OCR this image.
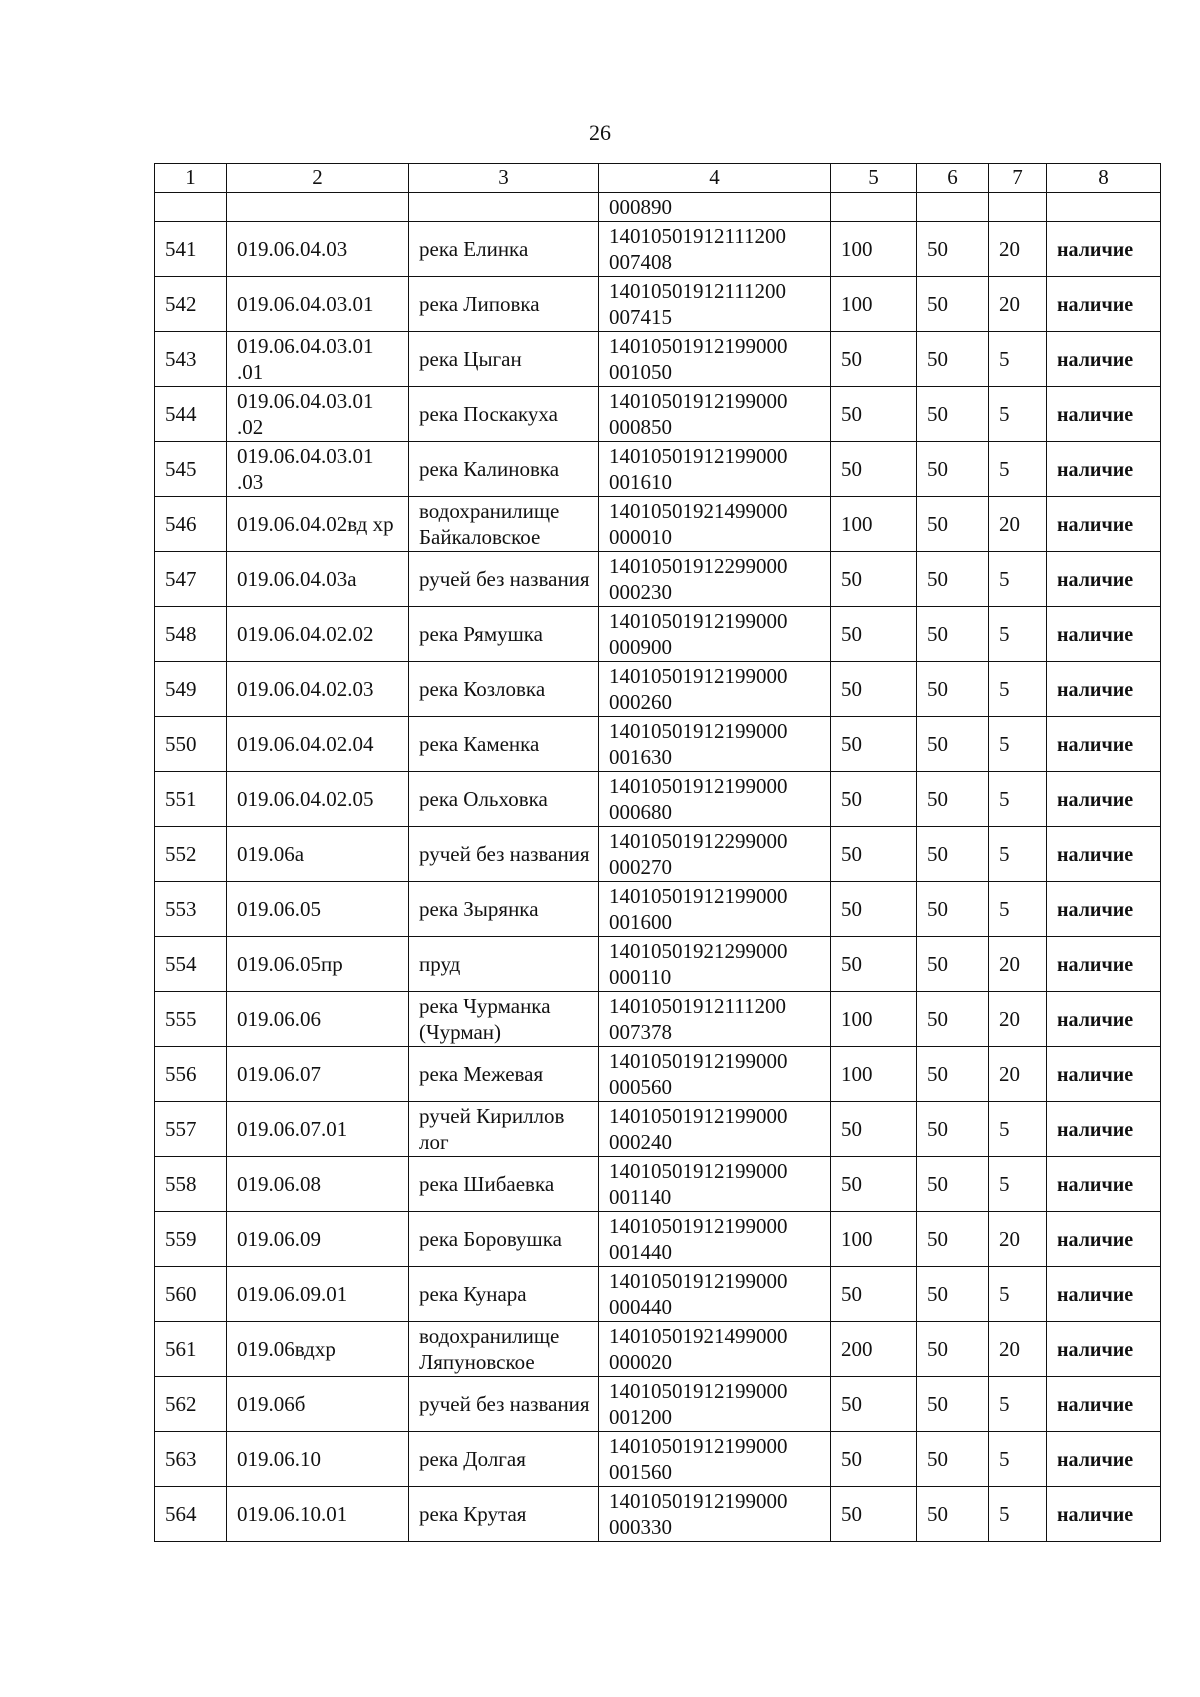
26
1	2	3	4	5	6	7	8
			000890				
541	019.06.04.03	река Елинка	14010501912111200 007408	100	50	20	наличие
542	019.06.04.03.01	река Липовка	14010501912111200 007415	100	50	20	наличие
543	019.06.04.03.01 .01	река Цыган	14010501912199000 001050	50	50	5	наличие
544	019.06.04.03.01 .02	река Поскакуха	14010501912199000 000850	50	50	5	наличие
545	019.06.04.03.01 .03	река Калиновка	14010501912199000 001610	50	50	5	наличие
546	019.06.04.02вд хр	водохранилище Байкаловское	14010501921499000 000010	100	50	20	наличие
547	019.06.04.03а	ручей без названия	14010501912299000 000230	50	50	5	наличие
548	019.06.04.02.02	река Рямушка	14010501912199000 000900	50	50	5	наличие
549	019.06.04.02.03	река Козловка	14010501912199000 000260	50	50	5	наличие
550	019.06.04.02.04	река Каменка	14010501912199000 001630	50	50	5	наличие
551	019.06.04.02.05	река Ольховка	14010501912199000 000680	50	50	5	наличие
552	019.06а	ручей без названия	14010501912299000 000270	50	50	5	наличие
553	019.06.05	река Зырянка	14010501912199000 001600	50	50	5	наличие
554	019.06.05пр	пруд	14010501921299000 000110	50	50	20	наличие
555	019.06.06	река Чурманка (Чурман)	14010501912111200 007378	100	50	20	наличие
556	019.06.07	река Межевая	14010501912199000 000560	100	50	20	наличие
557	019.06.07.01	ручей Кириллов лог	14010501912199000 000240	50	50	5	наличие
558	019.06.08	река Шибаевка	14010501912199000 001140	50	50	5	наличие
559	019.06.09	река Боровушка	14010501912199000 001440	100	50	20	наличие
560	019.06.09.01	река Кунара	14010501912199000 000440	50	50	5	наличие
561	019.06вдхр	водохранилище Ляпуновское	14010501921499000 000020	200	50	20	наличие
562	019.06б	ручей без названия	14010501912199000 001200	50	50	5	наличие
563	019.06.10	река Долгая	14010501912199000 001560	50	50	5	наличие
564	019.06.10.01	река Крутая	14010501912199000 000330	50	50	5	наличие
